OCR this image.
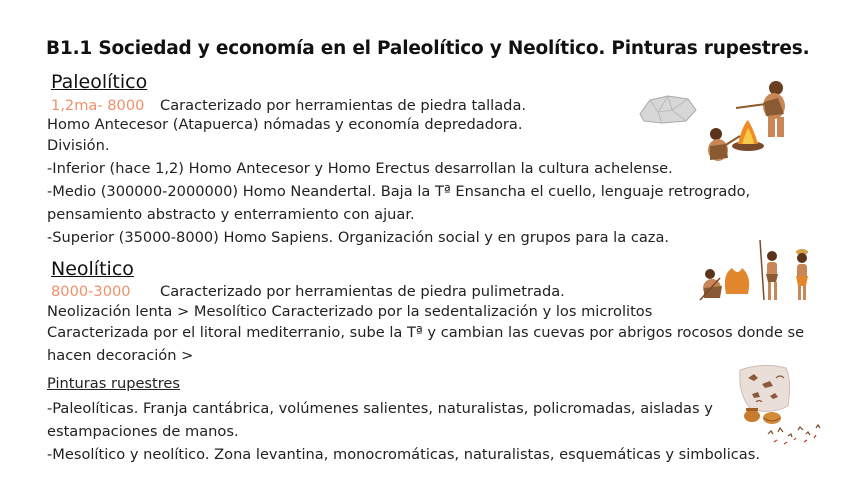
B1.1 Sociedad y economía en el Paleolítico y Neolítico. Pinturas rupestres.
Paleolítico
1,2ma- 8000 Caracterizado por herramientas de piedra tallada.
Homo Antecesor (Atapuerca) nómadas y economía depredadora.
División.
-Inferior (hace 1,2) Homo Antecesor y Homo Erectus desarrollan la cultura achelense.
-Medio (300000-2000000) Homo Neandertal. Baja la Tª Ensancha el cuello, lenguaje retrogrado,
pensamiento abstracto y enterramiento con ajuar.
-Superior (35000-8000) Homo Sapiens. Organización social y en grupos para la caza.
Neolítico
8000-3000 Caracterizado por herramientas de piedra pulimetrada.
Neolización lenta > Mesolítico Caracterizado por la sedentalización y los microlitos
Caracterizada por el litoral mediterranio, sube la Tª y cambian las cuevas por abrigos rocosos donde se
hacen decoración >
Pinturas rupestres
-Paleolíticas. Franja cantábrica, volúmenes salientes, naturalistas, policromadas, aisladas y
estampaciones de manos.
-Mesolítico y neolítico. Zona levantina, monocromáticas, naturalistas, esquemáticas y simbolicas.
